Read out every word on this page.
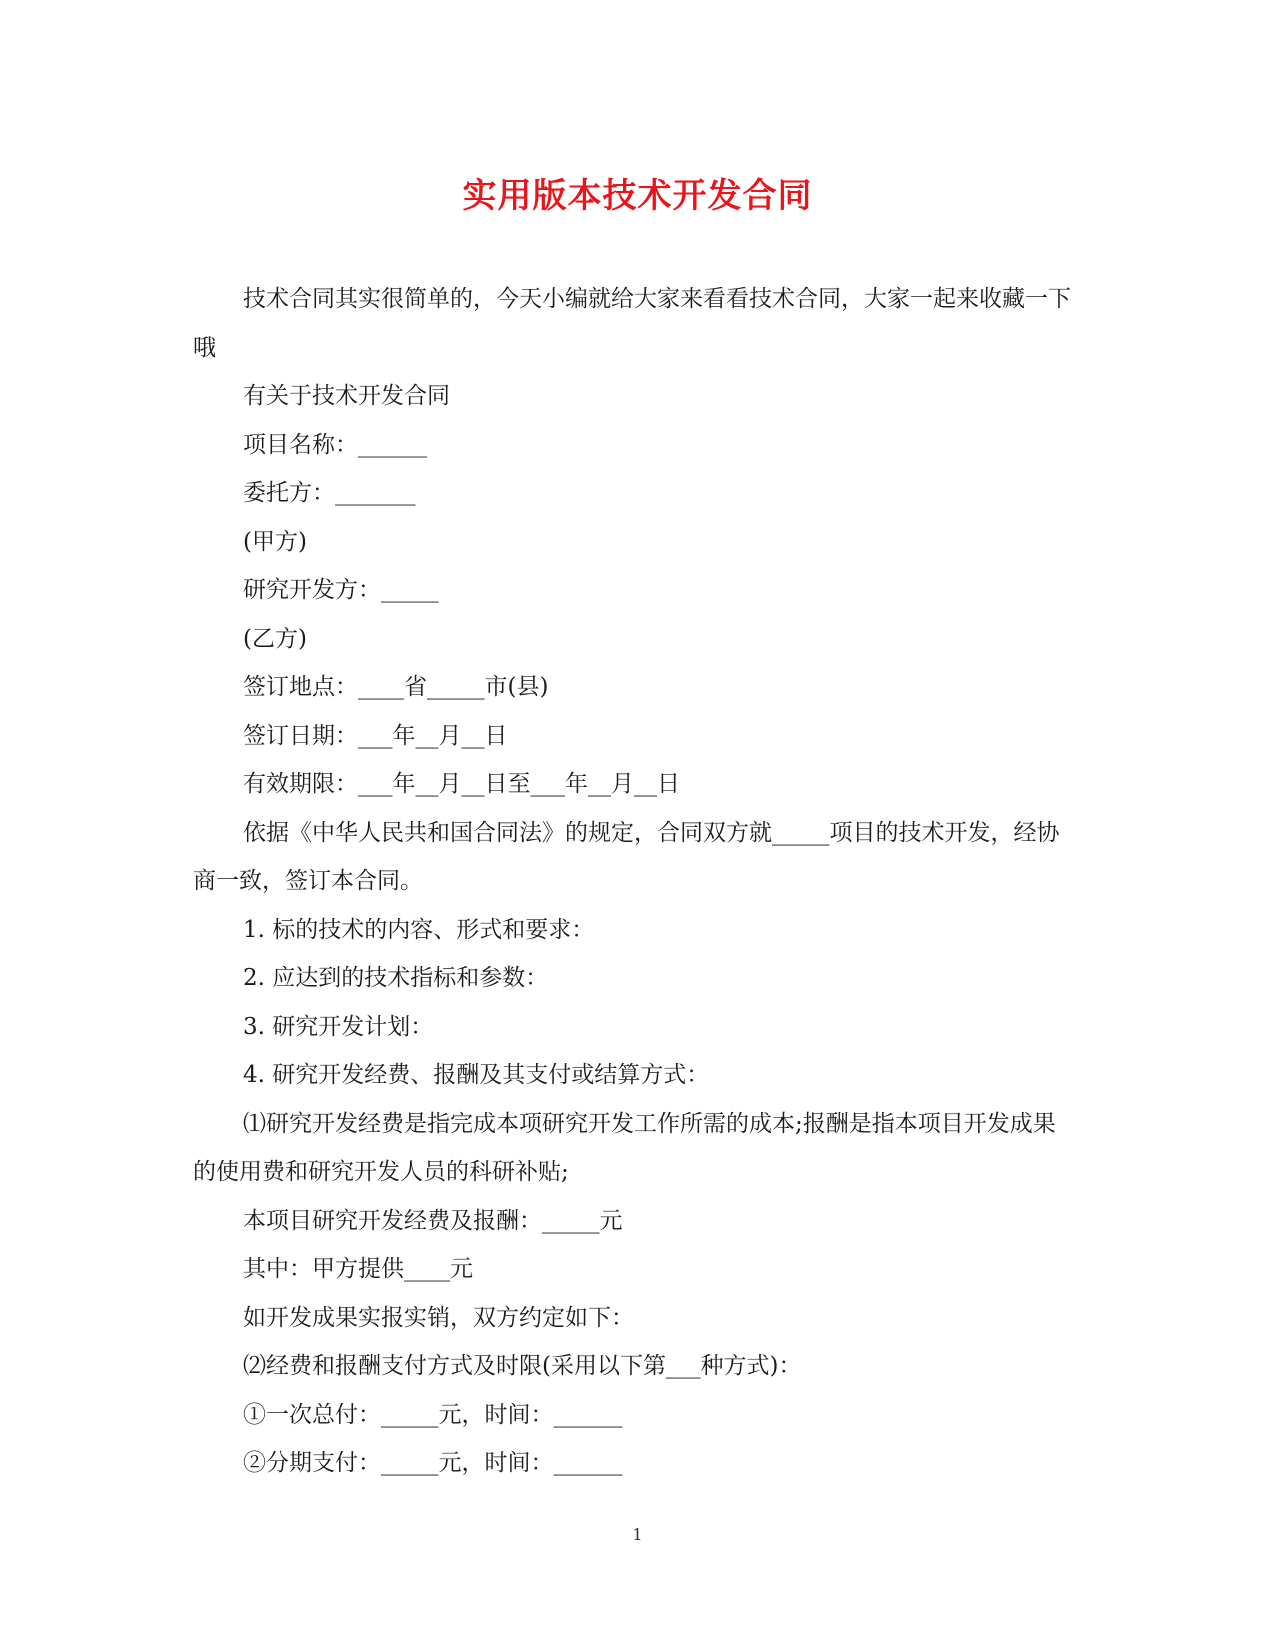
实用版本技术开发合同

技术合同其实很简单的，今天小编就给大家来看看技术合同，大家一起来收藏一下哦

有关于技术开发合同

项目名称：______

委托方：_______

(甲方)

研究开发方：_____

(乙方)

签订地点：____省_____市(县)

签订日期：___年__月__日

有效期限：___年__月__日至___年__月__日

依据《中华人民共和国合同法》的规定，合同双方就_____项目的技术开发，经协商一致，签订本合同。

1. 标的技术的内容、形式和要求：

2. 应达到的技术指标和参数：

3. 研究开发计划：

4. 研究开发经费、报酬及其支付或结算方式：

⑴研究开发经费是指完成本项研究开发工作所需的成本;报酬是指本项目开发成果的使用费和研究开发人员的科研补贴;

本项目研究开发经费及报酬：_____元

其中：甲方提供____元

如开发成果实报实销，双方约定如下：

⑵经费和报酬支付方式及时限(采用以下第___种方式)：

①一次总付：_____元，时间：______

②分期支付：_____元，时间：______

1
